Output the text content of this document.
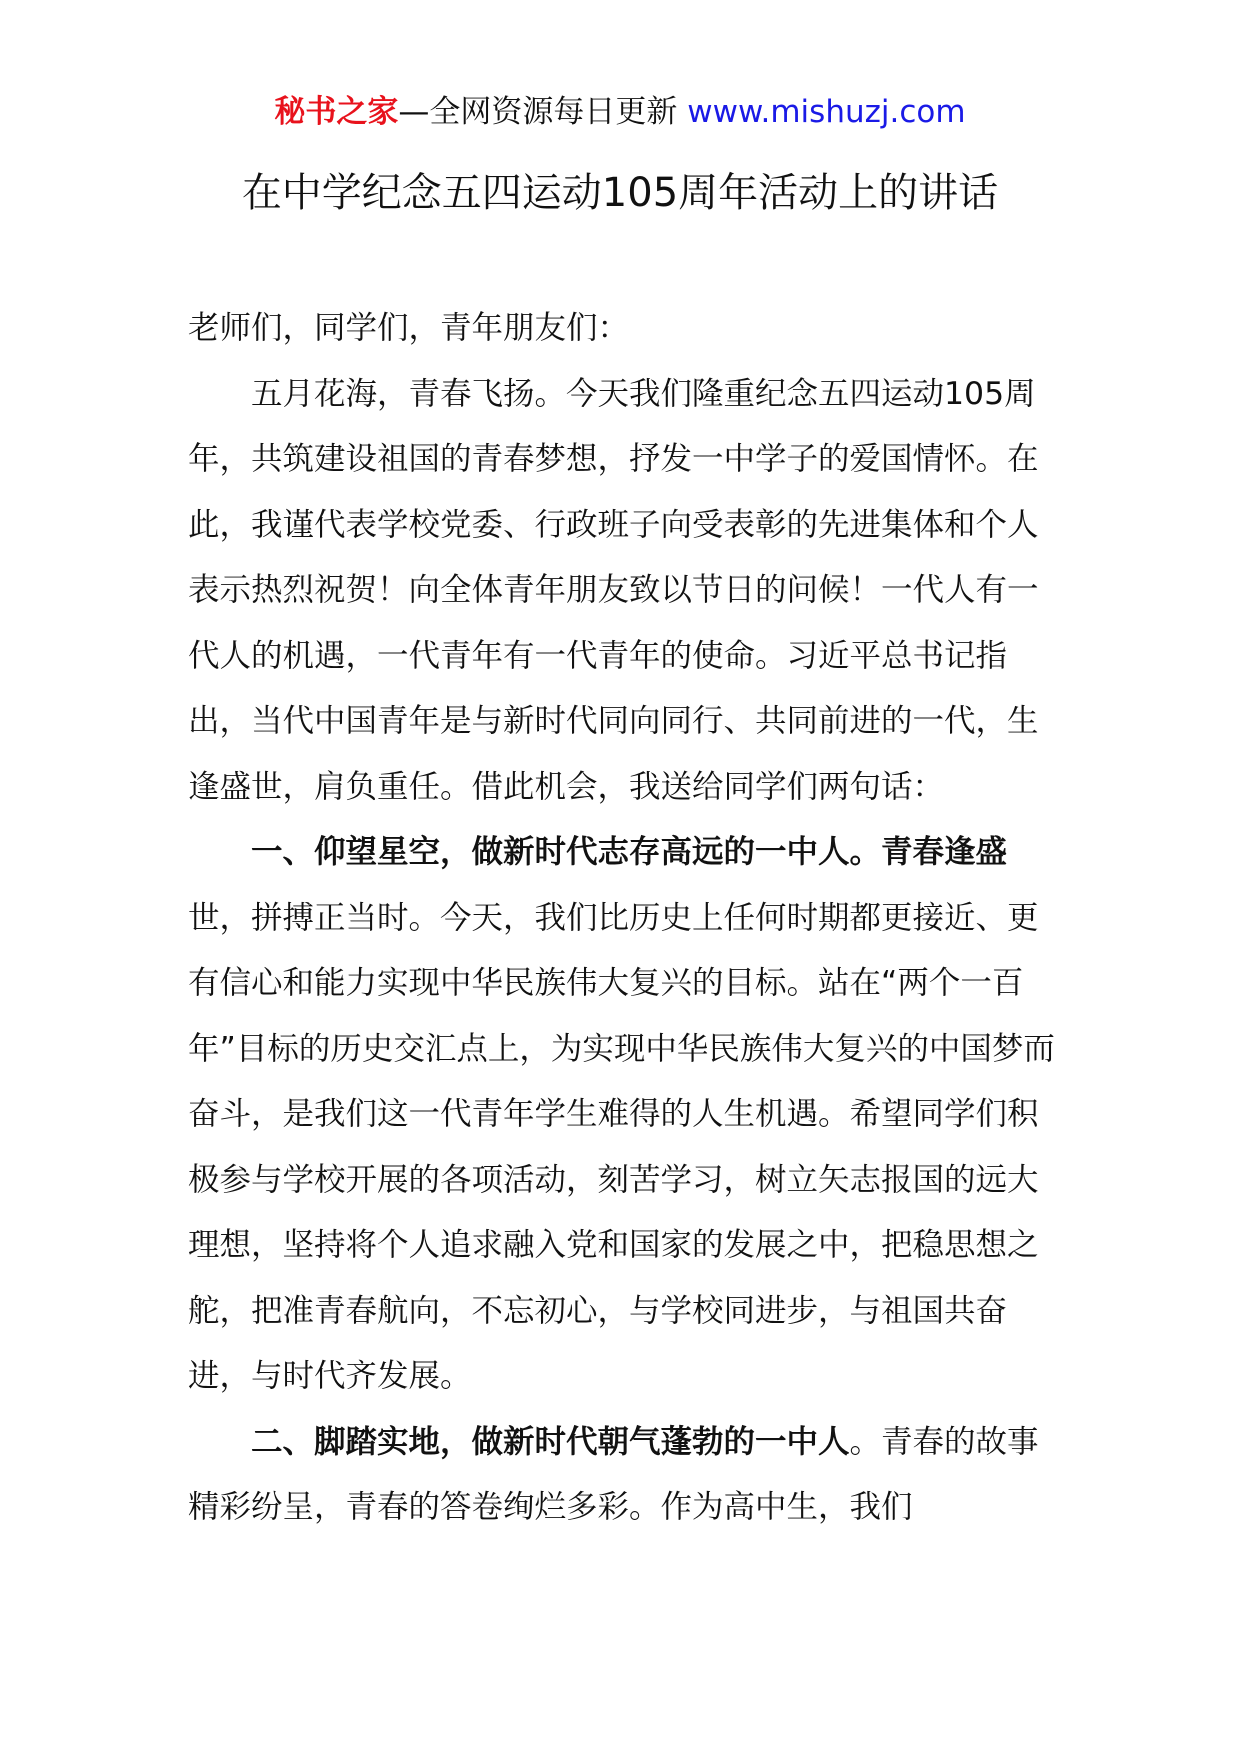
秘书之家—全网资源每日更新 www.mishuzj.com
在中学纪念五四运动105周年活动上的讲话

老师们，同学们，青年朋友们：

五月花海，青春飞扬。今天我们隆重纪念五四运动105周年，共筑建设祖国的青春梦想，抒发一中学子的爱国情怀。在此，我谨代表学校党委、行政班子向受表彰的先进集体和个人表示热烈祝贺！向全体青年朋友致以节日的问候！一代人有一代人的机遇，一代青年有一代青年的使命。习近平总书记指出，当代中国青年是与新时代同向同行、共同前进的一代，生逢盛世，肩负重任。借此机会，我送给同学们两句话：

一、仰望星空，做新时代志存高远的一中人。青春逢盛世，拼搏正当时。今天，我们比历史上任何时期都更接近、更有信心和能力实现中华民族伟大复兴的目标。站在“两个一百年”目标的历史交汇点上，为实现中华民族伟大复兴的中国梦而奋斗，是我们这一代青年学生难得的人生机遇。希望同学们积极参与学校开展的各项活动，刻苦学习，树立矢志报国的远大理想，坚持将个人追求融入党和国家的发展之中，把稳思想之舵，把准青春航向，不忘初心，与学校同进步，与祖国共奋进，与时代齐发展。

二、脚踏实地，做新时代朝气蓬勃的一中人。青春的故事精彩纷呈，青春的答卷绚烂多彩。作为高中生，我们
